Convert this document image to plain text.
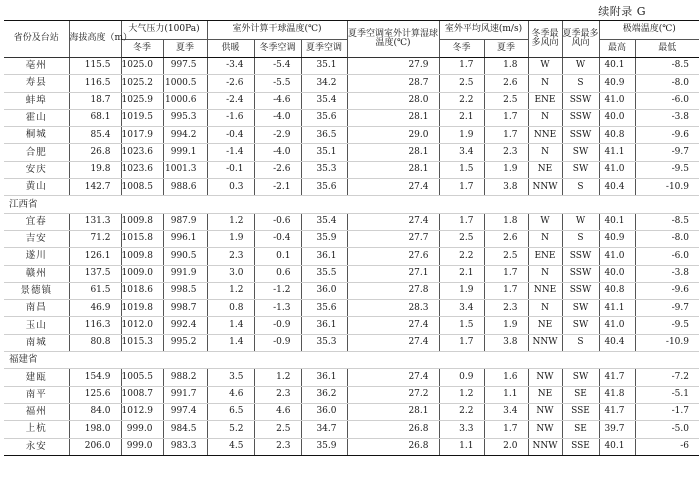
续附录 G
省份及台站	海拔高度（m）	大气压力(100Pa)		室外计算干球温度(℃)			夏季空调室外计算湿球温度(℃)	室外平均风速(m/s)		冬季最多风向	夏季最多风向	极端温度(℃)	
		冬季	夏季	供暖	冬季空调	夏季空调		冬季	夏季			最高	最低
亳州	115.5	1025.0	997.5	-3.4	-5.4	35.1	27.9	1.7	1.8	W	W	40.1	-8.5
寿县	116.5	1025.2	1000.5	-2.6	-5.5	34.2	28.7	2.5	2.6	N	S	40.9	-8.0
蚌埠	18.7	1025.9	1000.6	-2.4	-4.6	35.4	28.0	2.2	2.5	ENE	SSW	41.0	-6.0
霍山	68.1	1019.5	995.3	-1.6	-4.0	35.6	28.1	2.1	1.7	N	SSW	40.0	-3.8
桐城	85.4	1017.9	994.2	-0.4	-2.9	36.5	29.0	1.9	1.7	NNE	SSW	40.8	-9.6
合肥	26.8	1023.6	999.1	-1.4	-4.0	35.1	28.1	3.4	2.3	N	SW	41.1	-9.7
安庆	19.8	1023.6	1001.3	-0.1	-2.6	35.3	28.1	1.5	1.9	NE	SW	41.0	-9.5
黄山	142.7	1008.5	988.6	0.3	-2.1	35.6	27.4	1.7	3.8	NNW	S	40.4	-10.9
江西省													
宜春	131.3	1009.8	987.9	1.2	-0.6	35.4	27.4	1.7	1.8	W	W	40.1	-8.5
吉安	71.2	1015.8	996.1	1.9	-0.4	35.9	27.7	2.5	2.6	N	S	40.9	-8.0
遂川	126.1	1009.8	990.5	2.3	0.1	36.1	27.6	2.2	2.5	ENE	SSW	41.0	-6.0
赣州	137.5	1009.0	991.9	3.0	0.6	35.5	27.1	2.1	1.7	N	SSW	40.0	-3.8
景德镇	61.5	1018.6	998.5	1.2	-1.2	36.0	27.8	1.9	1.7	NNE	SSW	40.8	-9.6
南昌	46.9	1019.8	998.7	0.8	-1.3	35.6	28.3	3.4	2.3	N	SW	41.1	-9.7
玉山	116.3	1012.0	992.4	1.4	-0.9	36.1	27.4	1.5	1.9	NE	SW	41.0	-9.5
南城	80.8	1015.3	995.2	1.4	-0.9	35.3	27.4	1.7	3.8	NNW	S	40.4	-10.9
福建省													
建瓯	154.9	1005.5	988.2	3.5	1.2	36.1	27.4	0.9	1.6	NW	SW	41.7	-7.2
南平	125.6	1008.7	991.7	4.6	2.3	36.2	27.2	1.2	1.1	NE	SE	41.8	-5.1
福州	84.0	1012.9	997.4	6.5	4.6	36.0	28.1	2.2	3.4	NW	SSE	41.7	-1.7
上杭	198.0	999.0	984.5	5.2	2.5	34.7	26.8	3.3	1.7	NW	SE	39.7	-5.0
永安	206.0	999.0	983.3	4.5	2.3	35.9	26.8	1.1	2.0	NNW	SSE	40.1	-6
